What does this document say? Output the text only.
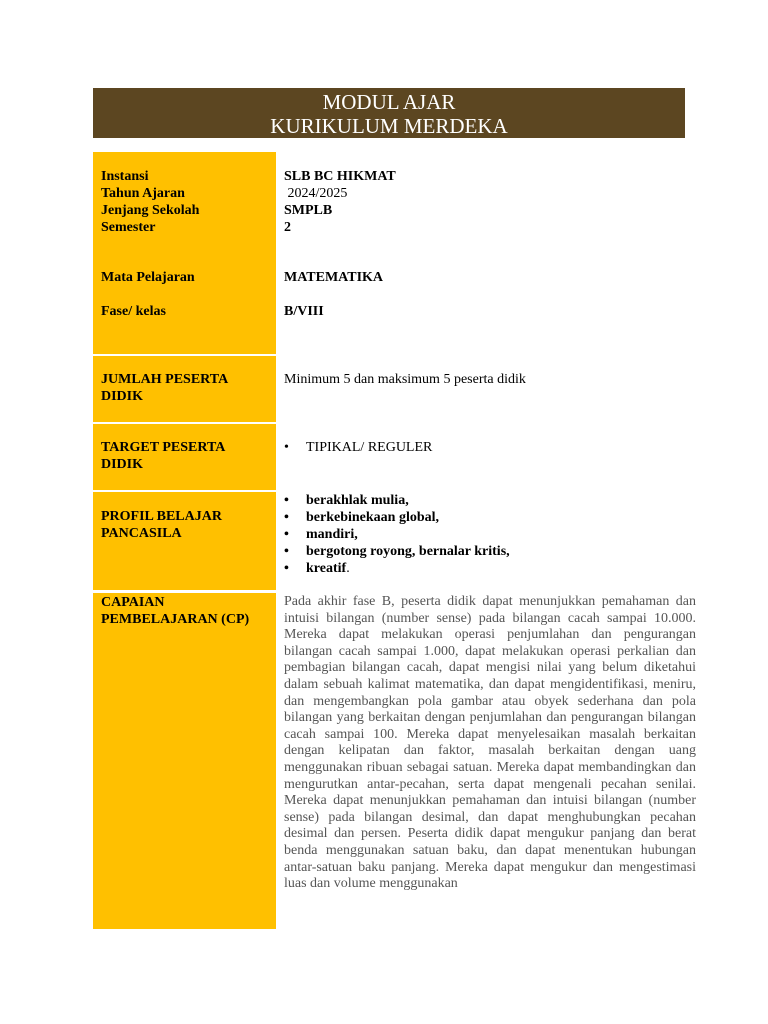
MODUL AJAR
KURIKULUM MERDEKA
Instansi
Tahun Ajaran
Jenjang Sekolah
Semester
SLB BC HIKMAT
2024/2025
SMPLB
2
Mata Pelajaran	MATEMATIKA
Fase/ kelas	B/VIII
JUMLAH PESERTA
DIDIK
Minimum 5 dan maksimum 5 peserta didik
TARGET PESERTA
DIDIK
• TIPIKAL/ REGULER
PROFIL BELAJAR
PANCASILA
• berakhlak mulia,
• berkebinekaan global,
• mandiri,
• bergotong royong, bernalar kritis,
• kreatif.
CAPAIAN
PEMBELAJARAN (CP)
Pada akhir fase B, peserta didik dapat menunjukkan pemahaman dan intuisi bilangan (number sense) pada bilangan cacah sampai 10.000. Mereka dapat melakukan operasi penjumlahan dan pengurangan bilangan cacah sampai 1.000, dapat melakukan operasi perkalian dan pembagian bilangan cacah, dapat mengisi nilai yang belum diketahui dalam sebuah kalimat matematika, dan dapat mengidentifikasi, meniru, dan mengembangkan pola gambar atau obyek sederhana dan pola bilangan yang berkaitan dengan penjumlahan dan pengurangan bilangan cacah sampai 100. Mereka dapat menyelesaikan masalah berkaitan dengan kelipatan dan faktor, masalah berkaitan dengan uang menggunakan ribuan sebagai satuan. Mereka dapat membandingkan dan mengurutkan antar-pecahan, serta dapat mengenali pecahan senilai. Mereka dapat menunjukkan pemahaman dan intuisi bilangan (number sense) pada bilangan desimal, dan dapat menghubungkan pecahan desimal dan persen. Peserta didik dapat mengukur panjang dan berat benda menggunakan satuan baku, dan dapat menentukan hubungan antar-satuan baku panjang. Mereka dapat mengukur dan mengestimasi luas dan volume menggunakan
